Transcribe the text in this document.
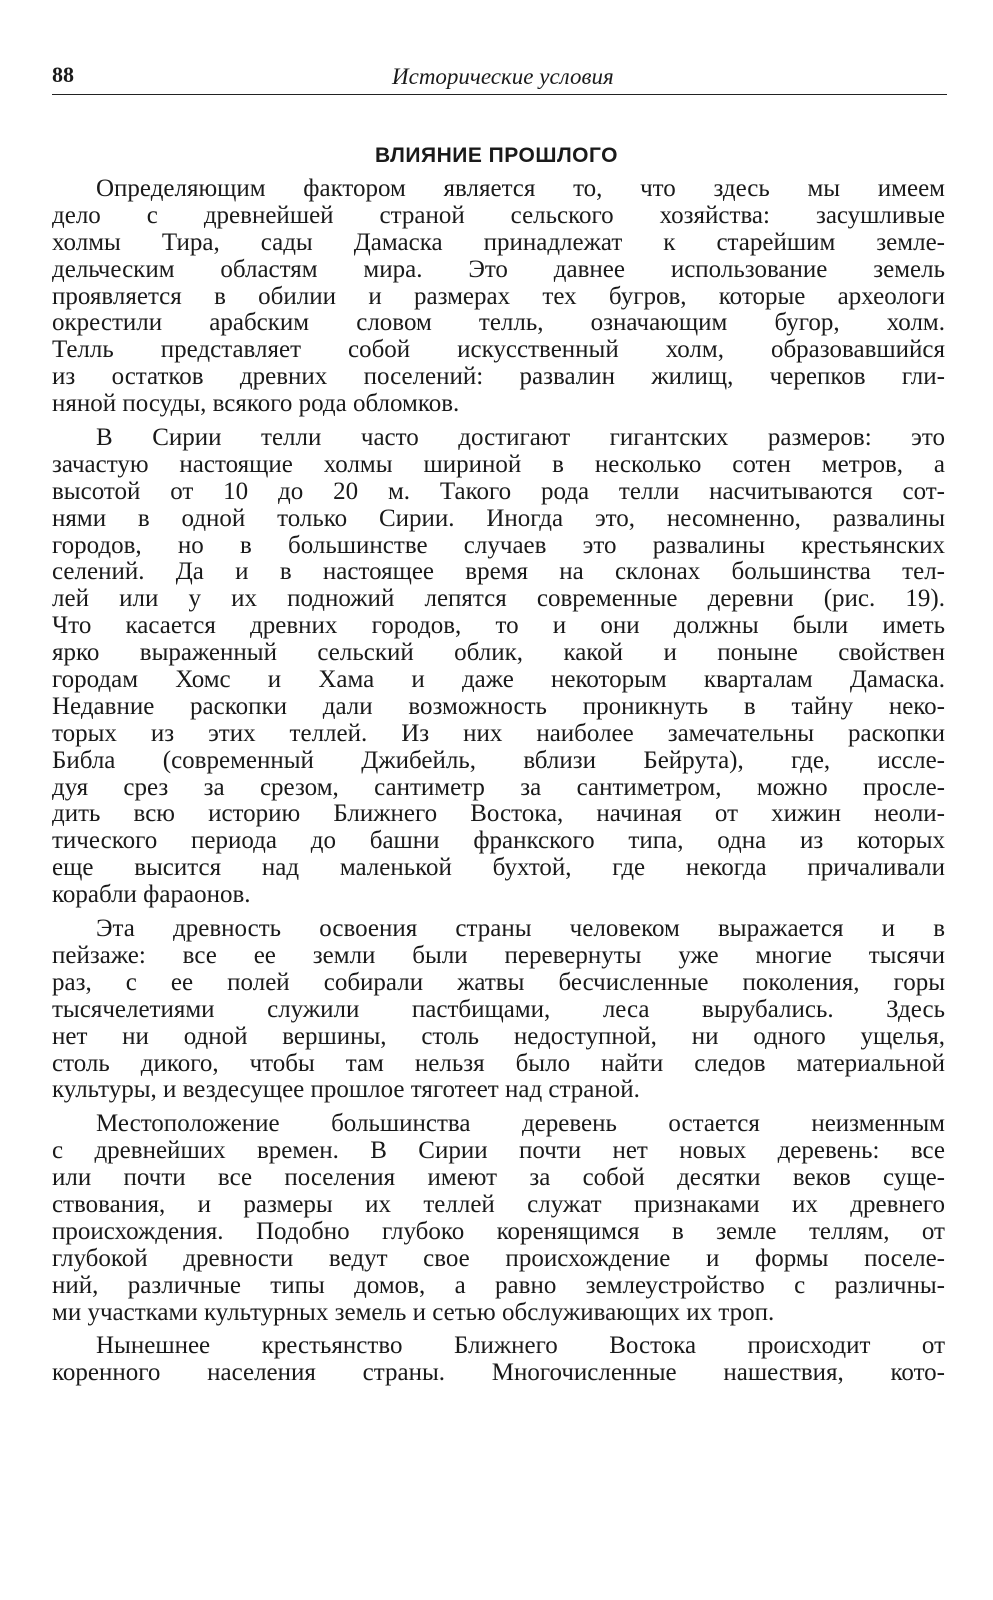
88	Исторические условия
ВЛИЯНИЕ ПРОШЛОГО
Определяющим фактором является то, что здесь мы имеем
дело с древнейшей страной сельского хозяйства: засушливые
холмы Тира, сады Дамаска принадлежат к старейшим земле-
дельческим областям мира. Это давнее использование земель
проявляется в обилии и размерах тех бугров, которые археологи
окрестили арабским словом телль, означающим бугор, холм.
Телль представляет собой искусственный холм, образовавшийся
из остатков древних поселений: развалин жилищ, черепков гли-
няной посуды, всякого рода обломков.
В Сирии телли часто достигают гигантских размеров: это
зачастую настоящие холмы шириной в несколько сотен метров, а
высотой от 10 до 20 м. Такого рода телли насчитываются сот-
нями в одной только Сирии. Иногда это, несомненно, развалины
городов, но в большинстве случаев это развалины крестьянских
селений. Да и в настоящее время на склонах большинства тел-
лей или у их подножий лепятся современные деревни (рис. 19).
Что касается древних городов, то и они должны были иметь
ярко выраженный сельский облик, какой и поныне свойствен
городам Хомс и Хама и даже некоторым кварталам Дамаска.
Недавние раскопки дали возможность проникнуть в тайну неко-
торых из этих теллей. Из них наиболее замечательны раскопки
Библа (современный Джибейль, вблизи Бейрута), где, иссле-
дуя срез за срезом, сантиметр за сантиметром, можно просле-
дить всю историю Ближнего Востока, начиная от хижин неоли-
тического периода до башни франкского типа, одна из которых
еще высится над маленькой бухтой, где некогда причаливали
корабли фараонов.
Эта древность освоения страны человеком выражается и в
пейзаже: все ее земли были перевернуты уже многие тысячи
раз, с ее полей собирали жатвы бесчисленные поколения, горы
тысячелетиями служили пастбищами, леса вырубались. Здесь
нет ни одной вершины, столь недоступной, ни одного ущелья,
столь дикого, чтобы там нельзя было найти следов материальной
культуры, и вездесущее прошлое тяготеет над страной.
Местоположение большинства деревень остается неизменным
с древнейших времен. В Сирии почти нет новых деревень: все
или почти все поселения имеют за собой десятки веков суще-
ствования, и размеры их теллей служат признаками их древнего
происхождения. Подобно глубоко коренящимся в земле теллям, от
глубокой древности ведут свое происхождение и формы поселе-
ний, различные типы домов, а равно землеустройство с различны-
ми участками культурных земель и сетью обслуживающих их троп.
Нынешнее крестьянство Ближнего Востока происходит от
коренного населения страны. Многочисленные нашествия, кото-
